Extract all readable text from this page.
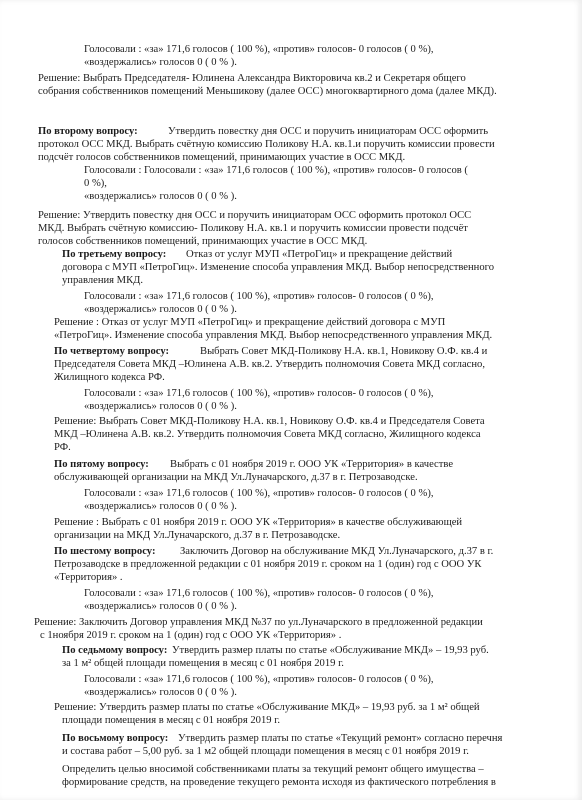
Голосовали : «за» 171,6 голосов ( 100 %), «против» голосов- 0 голосов ( 0 %),
«воздержались» голосов 0 ( 0 % ).
Решение: Выбрать Председателя- Юлинена Александра Викторовича кв.2 и Секретаря общего
собрания собственников помещений Меньшикову (далее ОСС) многоквартирного дома (далее МКД).
По второму вопросу:	Утвердить повестку дня ОСС и поручить инициаторам ОСС оформить
протокол ОСС МКД. Выбрать счётную комиссию Поликову Н.А. кв.1.и поручить комиссии провести
подсчёт голосов собственников помещений, принимающих участие в ОСС МКД.
Голосовали : Голосовали : «за» 171,6 голосов ( 100 %), «против» голосов- 0 голосов (
0 %),
«воздержались» голосов 0 ( 0 % ).
Решение: Утвердить повестку дня ОСС и поручить инициаторам ОСС оформить протокол ОСС
МКД. Выбрать счётную комиссию- Поликову Н.А. кв.1 и поручить комиссии провести подсчёт
голосов собственников помещений, принимающих участие в ОСС МКД.
По третьему вопросу: Отказ от услуг МУП «ПетроГиц» и прекращение действий
договора с МУП «ПетроГиц». Изменение способа управления МКД. Выбор непосредственного
управления МКД.
Голосовали : «за» 171,6 голосов ( 100 %), «против» голосов- 0 голосов ( 0 %),
«воздержались» голосов 0 ( 0 % ).
Решение : Отказ от услуг МУП «ПетроГиц» и прекращение действий договора с МУП
«ПетроГиц». Изменение способа управления МКД. Выбор непосредственного управления МКД.
По четвертому вопросу:	Выбрать Совет МКД-Поликову Н.А. кв.1, Новикову О.Ф. кв.4 и
Председателя Совета МКД –Юлинена А.В. кв.2. Утвердить полномочия Совета МКД согласно,
Жилищного кодекса РФ.
Голосовали : «за» 171,6 голосов ( 100 %), «против» голосов- 0 голосов ( 0 %),
«воздержались» голосов 0 ( 0 % ).
Решение: Выбрать Совет МКД-Поликову Н.А. кв.1, Новикову О.Ф. кв.4 и Председателя Совета
МКД –Юлинена А.В. кв.2. Утвердить полномочия Совета МКД согласно, Жилищного кодекса
РФ.
По пятому вопросу: Выбрать с 01 ноября 2019 г. ООО УК «Территория» в качестве
обслуживающей организации на МКД Ул.Луначарского, д.37 в г. Петрозаводске.
Голосовали : «за» 171,6 голосов ( 100 %), «против» голосов- 0 голосов ( 0 %),
«воздержались» голосов 0 ( 0 % ).
Решение : Выбрать с 01 ноября 2019 г. ООО УК «Территория» в качестве обслуживающей
организации на МКД Ул.Луначарского, д.37 в г. Петрозаводске.
По шестому вопросу: Заключить Договор на обслуживание МКД Ул.Луначарского, д.37 в г.
Петрозаводске в предложенной редакции с 01 ноября 2019 г. сроком на 1 (один) год с ООО УК
«Территория» .
Голосовали : «за» 171,6 голосов ( 100 %), «против» голосов- 0 голосов ( 0 %),
«воздержались» голосов 0 ( 0 % ).
Решение: Заключить Договор управления МКД №37 по ул.Луначарского в предложенной редакции
с 1ноября 2019 г. сроком на 1 (один) год с ООО УК «Территория» .
По седьмому вопросу: Утвердить размер платы по статье «Обслуживание МКД» – 19,93 руб.
за 1 м² общей площади помещения в месяц с 01 ноября 2019 г.
Голосовали : «за» 171,6 голосов ( 100 %), «против» голосов- 0 голосов ( 0 %),
«воздержались» голосов 0 ( 0 % ).
Решение: Утвердить размер платы по статье «Обслуживание МКД» – 19,93 руб. за 1 м² общей
площади помещения в месяц с 01 ноября 2019 г.
По восьмому вопросу: Утвердить размер платы по статье «Текущий ремонт» согласно перечня
и состава работ – 5,00 руб. за 1 м2 общей площади помещения в месяц с 01 ноября 2019 г.
Определить целью вносимой собственниками платы за текущий ремонт общего имущества –
формирование средств, на проведение текущего ремонта исходя из фактического потребления в
